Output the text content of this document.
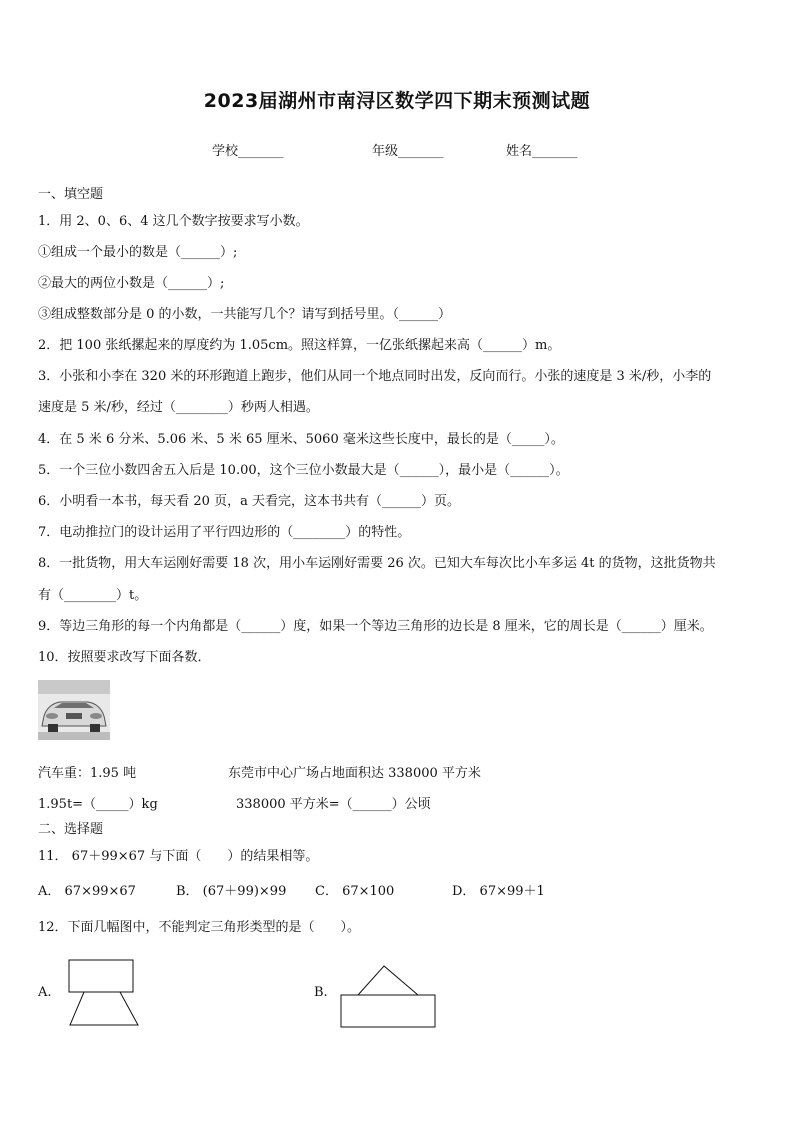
2023届湖州市南浔区数学四下期末预测试题
学校_______	年级_______	姓名_______
一、填空题
1．用 2、0、6、4 这几个数字按要求写小数。
①组成一个最小的数是（______）;
②最大的两位小数是（______）;
③组成整数部分是 0 的小数，一共能写几个？请写到括号里。（______）
2．把 100 张纸摞起来的厚度约为 1.05cm。照这样算，一亿张纸摞起来高（______）m。
3．小张和小李在 320 米的环形跑道上跑步，他们从同一个地点同时出发，反向而行。小张的速度是 3 米/秒，小李的
速度是 5 米/秒，经过（________）秒两人相遇。
4．在 5 米 6 分米、5.06 米、5 米 65 厘米、5060 毫米这些长度中，最长的是（_____）。
5．一个三位小数四舍五入后是 10.00，这个三位小数最大是（______），最小是（______）。
6．小明看一本书，每天看 20 页，a 天看完，这本书共有（______）页。
7．电动推拉门的设计运用了平行四边形的（________）的特性。
8．一批货物，用大车运刚好需要 18 次，用小车运刚好需要 26 次。已知大车每次比小车多运 4t 的货物，这批货物共
有（________）t。
9．等边三角形的每一个内角都是（______）度，如果一个等边三角形的边长是 8 厘米，它的周长是（______）厘米。
10．按照要求改写下面各数．
汽车重：1.95 吨	东莞市中心广场占地面积达 338000 平方米
1.95t=（_____）kg	338000 平方米=（______）公顷
二、选择题
11． 67＋99×67 与下面（　　）的结果相等。
A． 67×99×67	B． (67＋99)×99 C． 67×100	D． 67×99＋1
12．下面几幅图中，不能判定三角形类型的是（　　）。
A.	B.
